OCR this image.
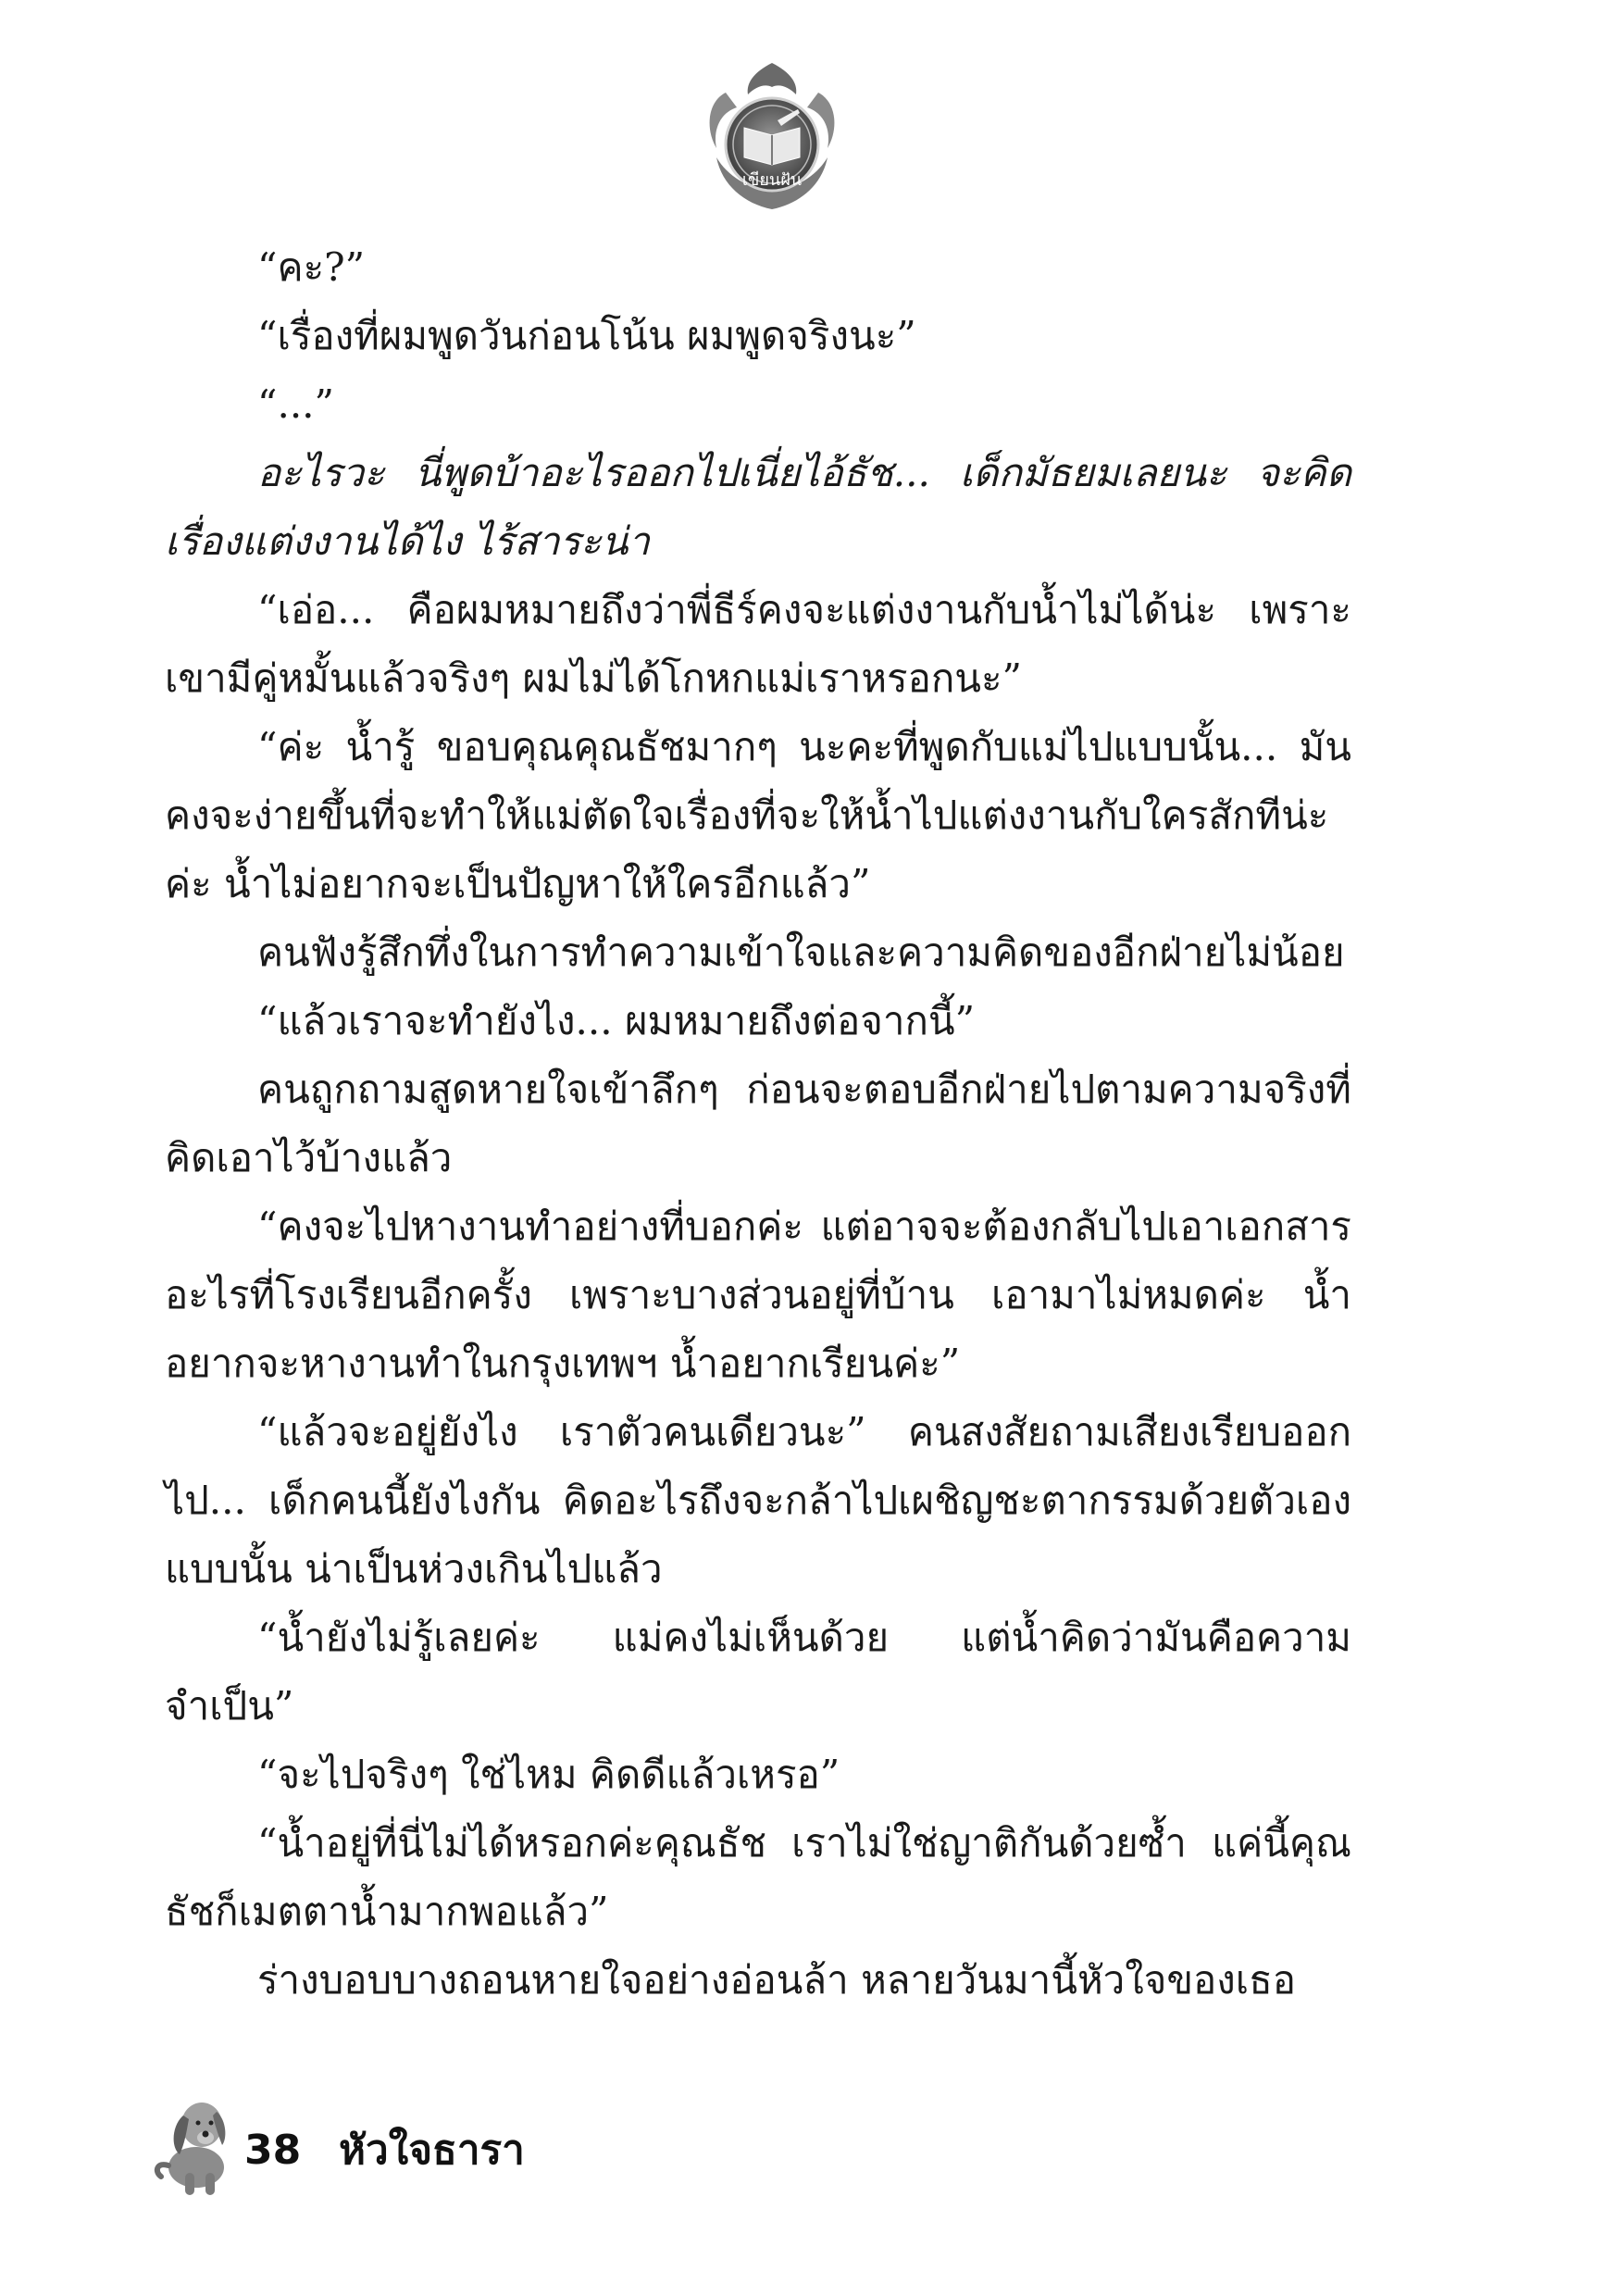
เขียนฝัน

“คะ?”

“เรื่องที่ผมพูดวันก่อนโน้น ผมพูดจริงนะ”

“...”

อะไรวะ นี่พูดบ้าอะไรออกไปเนี่ยไอ้ธัช... เด็กมัธยมเลยนะ จะคิดเรื่องแต่งงานได้ไง ไร้สาระน่า

“เอ่อ... คือผมหมายถึงว่าพี่ธีร์คงจะแต่งงานกับน้ำไม่ได้น่ะ เพราะเขามีคู่หมั้นแล้วจริงๆ ผมไม่ได้โกหกแม่เราหรอกนะ”

“ค่ะ น้ำรู้ ขอบคุณคุณธัชมากๆ นะคะที่พูดกับแม่ไปแบบนั้น... มันคงจะง่ายขึ้นที่จะทำให้แม่ตัดใจเรื่องที่จะให้น้ำไปแต่งงานกับใครสักทีน่ะค่ะ น้ำไม่อยากจะเป็นปัญหาให้ใครอีกแล้ว”

คนฟังรู้สึกทึ่งในการทำความเข้าใจและความคิดของอีกฝ่ายไม่น้อย

“แล้วเราจะทำยังไง... ผมหมายถึงต่อจากนี้”

คนถูกถามสูดหายใจเข้าลึกๆ ก่อนจะตอบอีกฝ่ายไปตามความจริงที่คิดเอาไว้บ้างแล้ว

“คงจะไปหางานทำอย่างที่บอกค่ะ แต่อาจจะต้องกลับไปเอาเอกสารอะไรที่โรงเรียนอีกครั้ง เพราะบางส่วนอยู่ที่บ้าน เอามาไม่หมดค่ะ น้ำอยากจะหางานทำในกรุงเทพฯ น้ำอยากเรียนค่ะ”

“แล้วจะอยู่ยังไง เราตัวคนเดียวนะ” คนสงสัยถามเสียงเรียบออกไป... เด็กคนนี้ยังไงกัน คิดอะไรถึงจะกล้าไปเผชิญชะตากรรมด้วยตัวเองแบบนั้น น่าเป็นห่วงเกินไปแล้ว

“น้ำยังไม่รู้เลยค่ะ แม่คงไม่เห็นด้วย แต่น้ำคิดว่ามันคือความจำเป็น”

“จะไปจริงๆ ใช่ไหม คิดดีแล้วเหรอ”

“น้ำอยู่ที่นี่ไม่ได้หรอกค่ะคุณธัช เราไม่ใช่ญาติกันด้วยซ้ำ แค่นี้คุณธัชก็เมตตาน้ำมากพอแล้ว”

ร่างบอบบางถอนหายใจอย่างอ่อนล้า หลายวันมานี้หัวใจของเธอ

38 หัวใจธารา
